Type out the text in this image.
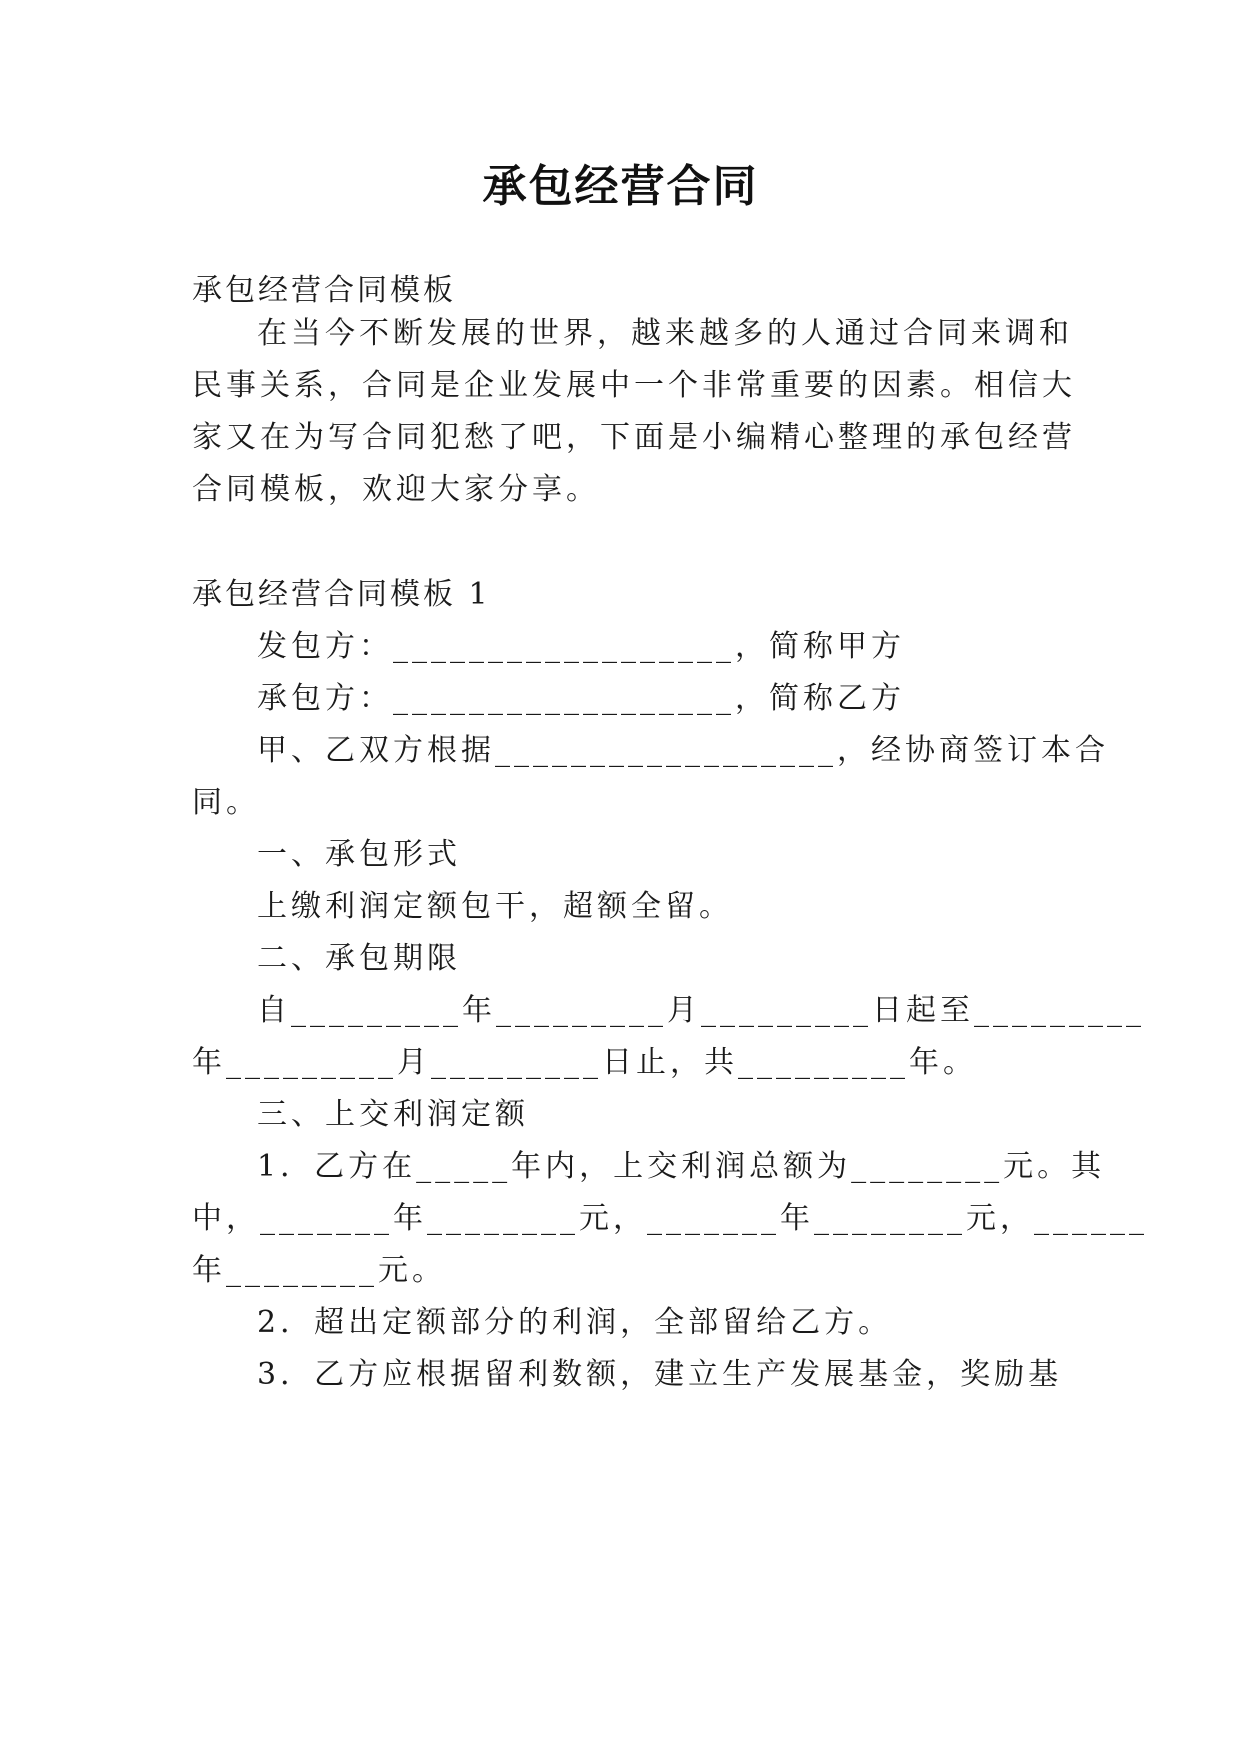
承包经营合同
承包经营合同模板
在当今不断发展的世界，越来越多的人通过合同来调和
民事关系，合同是企业发展中一个非常重要的因素。相信大
家又在为写合同犯愁了吧，下面是小编精心整理的承包经营
合同模板，欢迎大家分享。
承包经营合同模板 1
发包方：__________________，简称甲方
承包方：__________________，简称乙方
甲、乙双方根据__________________，经协商签订本合
同。
一、承包形式
上缴利润定额包干，超额全留。
二、承包期限
自_________年_________月_________日起至_________
年_________月_________日止，共_________年。
三、上交利润定额
1．乙方在_____年内，上交利润总额为________元。其
中，_______年________元，_______年________元，______
年________元。
2．超出定额部分的利润，全部留给乙方。
3．乙方应根据留利数额，建立生产发展基金，奖励基
